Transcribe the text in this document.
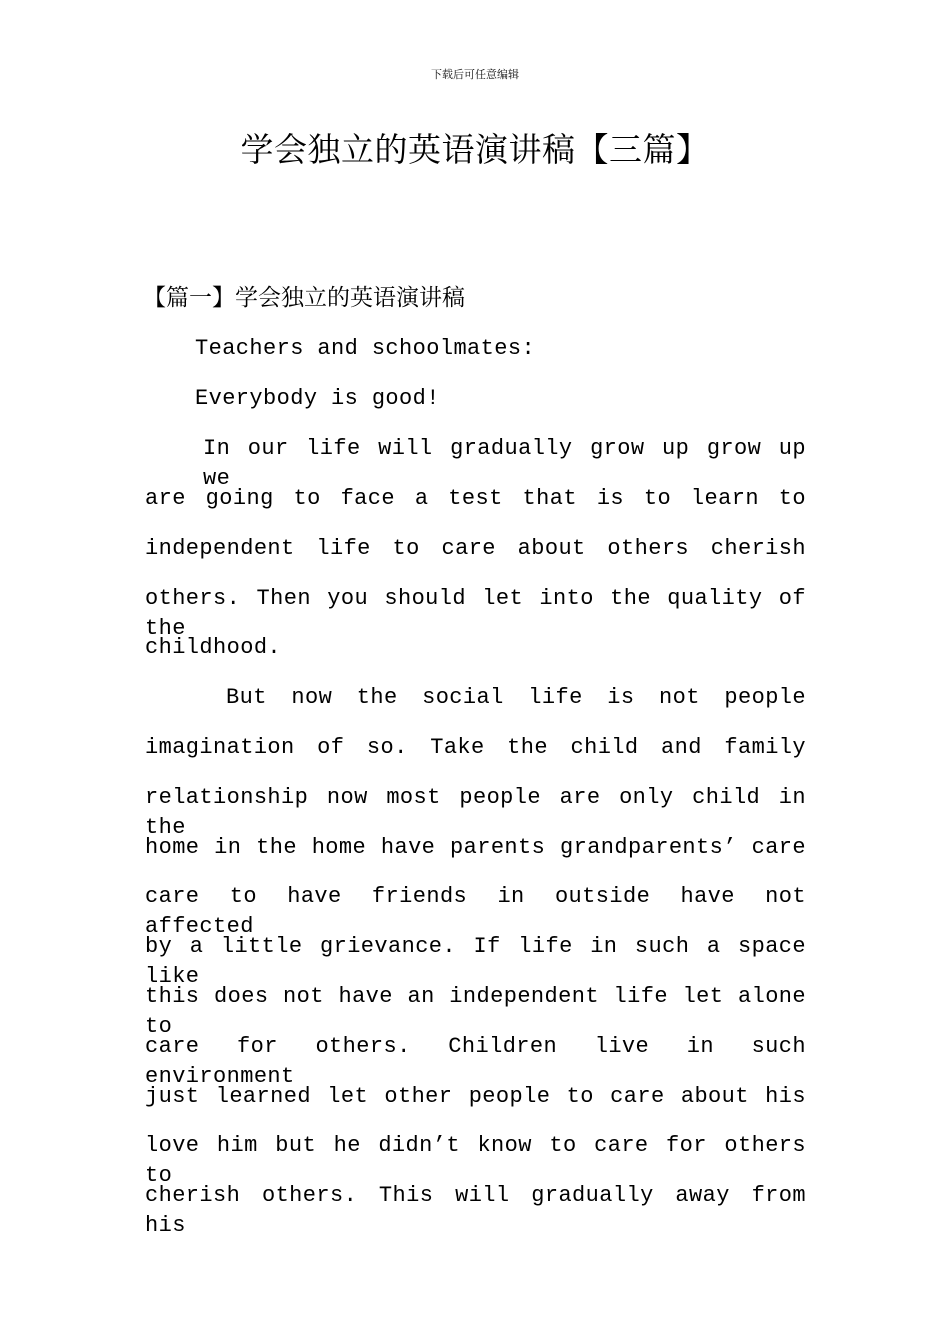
下载后可任意编辑
学会独立的英语演讲稿【三篇】
【篇一】学会独立的英语演讲稿
Teachers and schoolmates:
Everybody is good!
In our life will gradually grow up grow up we
are going to face a test that is to learn to
independent life to care about others cherish
others. Then you should let into the quality of the
childhood.
But now the social life is not people
imagination of so. Take the child and family
relationship now most people are only child in the
home in the home have parents grandparents’ care
care to have friends in outside have not affected
by a little grievance. If life in such a space like
this does not have an independent life let alone to
care for others. Children live in such environment
just learned let other people to care about his
love him but he didn’t know to care for others to
cherish others. This will gradually away from his
